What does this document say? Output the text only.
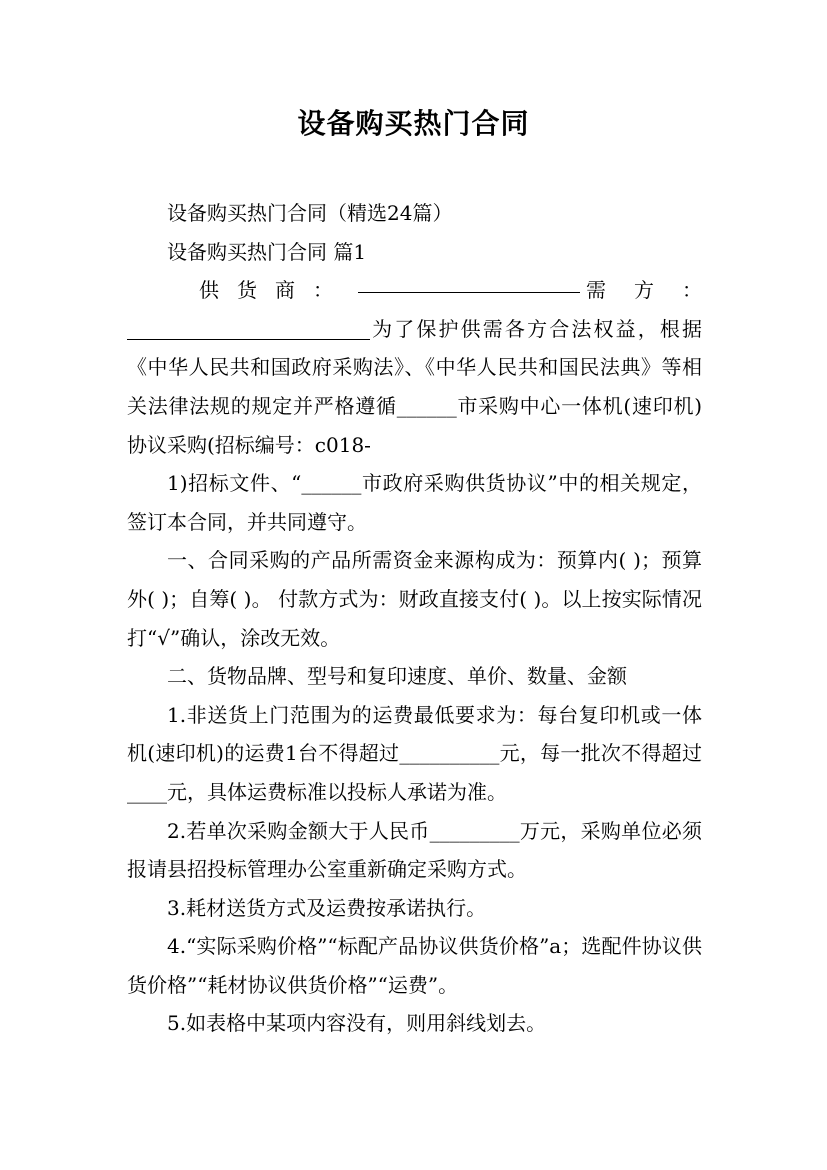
设备购买热门合同

设备购买热门合同（精选24篇）

设备购买热门合同 篇1

供货商：	需方：

为了保护供需各方合法权益，根据《中华人民共和国政府采购法》、《中华人民共和国民法典》等相关法律法规的规定并严格遵循______市采购中心一体机(速印机)协议采购(招标编号：c018-

1)招标文件、“______市政府采购供货协议”中的相关规定，签订本合同，并共同遵守。

一、合同采购的产品所需资金来源构成为：预算内( )；预算外( )；自筹( )。 付款方式为：财政直接支付( )。以上按实际情况打“√”确认，涂改无效。

二、货物品牌、型号和复印速度、单价、数量、金额

1.非送货上门范围为的运费最低要求为：每台复印机或一体机(速印机)的运费1台不得超过__________元，每一批次不得超过____元，具体运费标准以投标人承诺为准。

2.若单次采购金额大于人民币_________万元，采购单位必须报请县招投标管理办公室重新确定采购方式。

3.耗材送货方式及运费按承诺执行。

4.“实际采购价格”“标配产品协议供货价格”a；选配件协议供货价格”“耗材协议供货价格”“运费”。

5.如表格中某项内容没有，则用斜线划去。
